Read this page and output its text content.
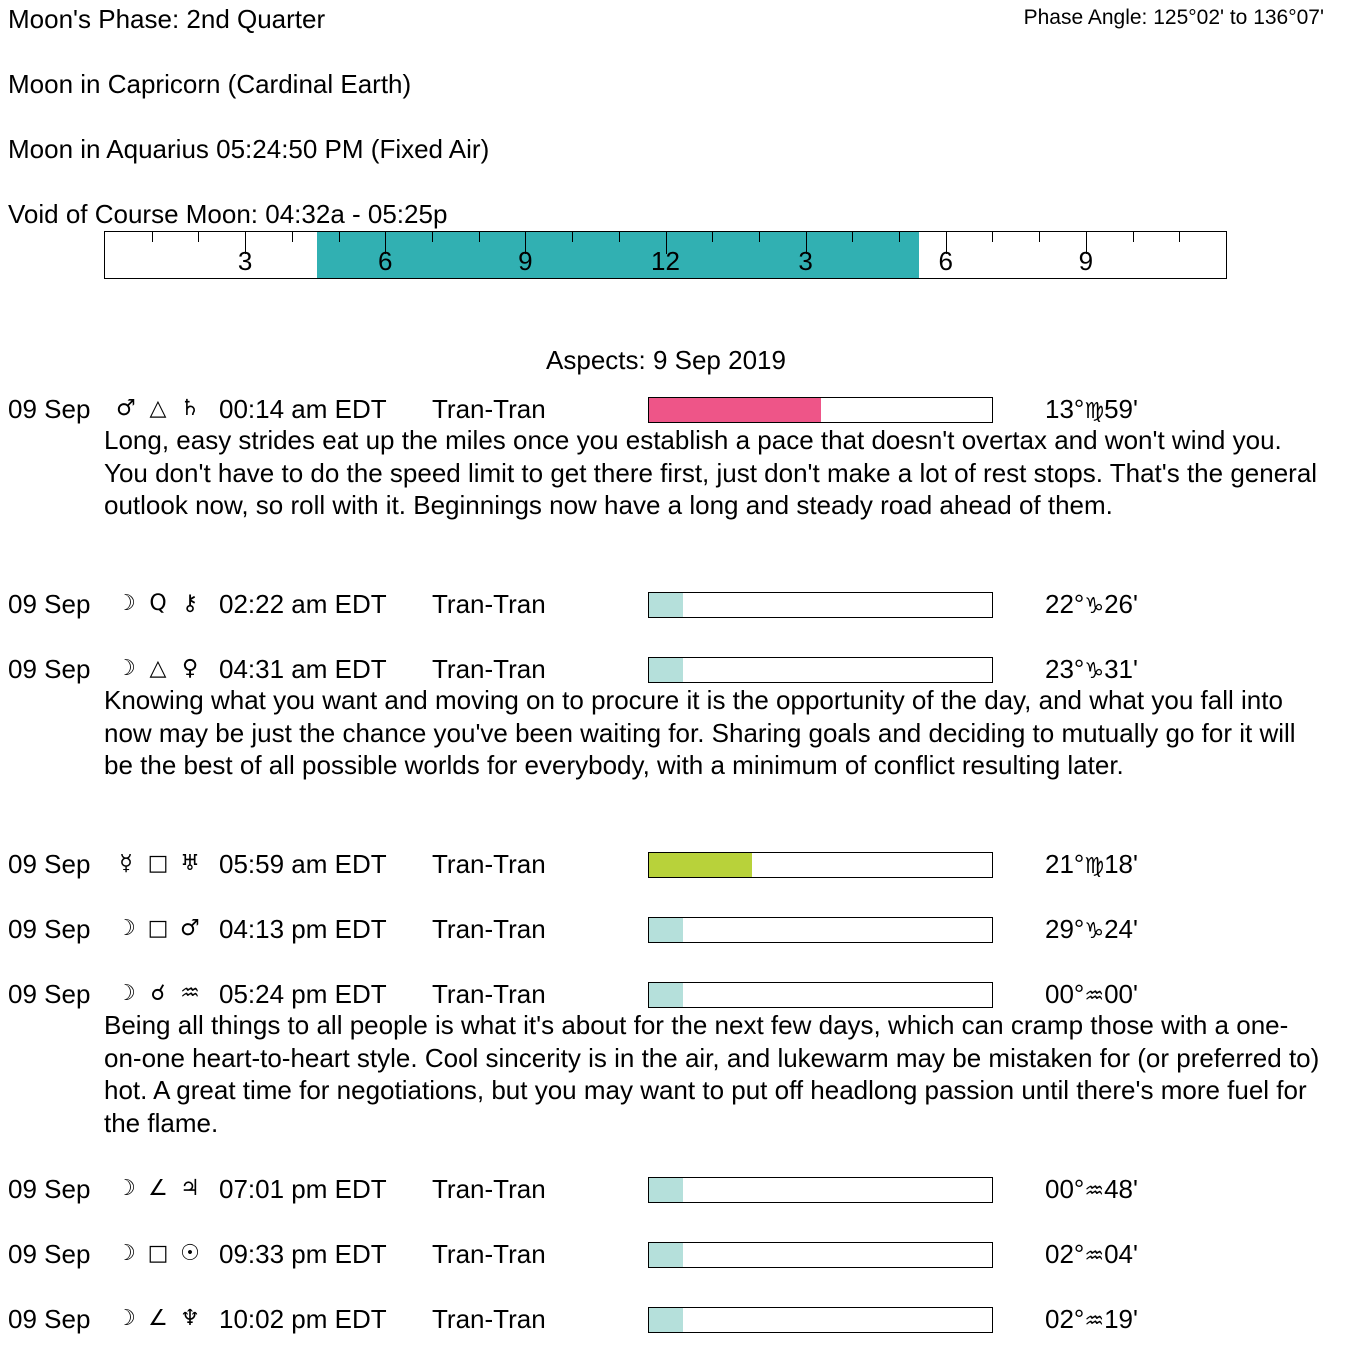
Moon's Phase: 2nd Quarter	Phase Angle: 125°02' to 136°07'
Moon in Capricorn (Cardinal Earth)
Moon in Aquarius 05:24:50 PM (Fixed Air)
Void of Course Moon: 04:32a - 05:25p
3	6	9	12	3	6	9
Aspects: 9 Sep 2019
09 Sep ♂ △ ♄ 00:14 am EDT Tran-Tran	13°♍59'
Long, easy strides eat up the miles once you establish a pace that doesn't overtax and won't wind you. You don't have to do the speed limit to get there first, just don't make a lot of rest stops. That's the general outlook now, so roll with it. Beginnings now have a long and steady road ahead of them.
09 Sep ☽ Q ⚷ 02:22 am EDT Tran-Tran	22°♑26'
09 Sep ☽ △ ♀ 04:31 am EDT Tran-Tran	23°♑31'
Knowing what you want and moving on to procure it is the opportunity of the day, and what you fall into now may be just the chance you've been waiting for. Sharing goals and deciding to mutually go for it will be the best of all possible worlds for everybody, with a minimum of conflict resulting later.
09 Sep	☿ □ ♅ 05:59 am EDT Tran-Tran	21°♍18'
09 Sep ☽ □ ♂ 04:13 pm EDT Tran-Tran	29°♑24'
09 Sep ☽ ☌ ♒ 05:24 pm EDT Tran-Tran	00°♒00'
Being all things to all people is what it's about for the next few days, which can cramp those with a one-on-one heart-to-heart style. Cool sincerity is in the air, and lukewarm may be mistaken for (or preferred to) hot. A great time for negotiations, but you may want to put off headlong passion until there's more fuel for the flame.
09 Sep ☽ ∠ ♃ 07:01 pm EDT Tran-Tran	00°♒48'
09 Sep ☽ □ ☉ 09:33 pm EDT Tran-Tran	02°♒04'
09 Sep ☽ ∠ ♆ 10:02 pm EDT Tran-Tran	02°♒19'
